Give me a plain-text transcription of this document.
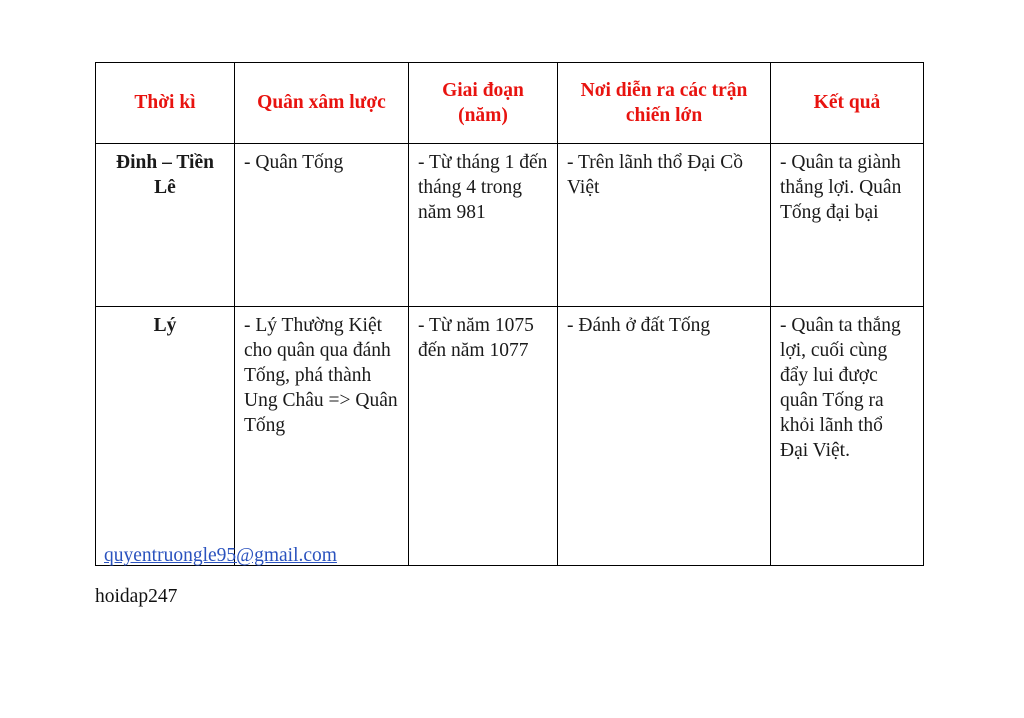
Thời kì	Quân xâm lược	Giai đoạn (năm)	Nơi diễn ra các trận chiến lớn	Kết quả
Đinh – Tiền Lê	- Quân Tống	- Từ tháng 1 đến tháng 4 trong năm 981	- Trên lãnh thổ Đại Cồ Việt	- Quân ta giành thắng lợi. Quân Tống đại bại
Lý	- Lý Thường Kiệt cho quân qua đánh Tống, phá thành Ung Châu => Quân Tống	- Từ năm 1075 đến năm 1077	- Đánh ở đất Tống	- Quân ta thắng lợi, cuối cùng đẩy lui được quân Tống ra khỏi lãnh thổ Đại Việt.
quyentruongle95@gmail.com
hoidap247
